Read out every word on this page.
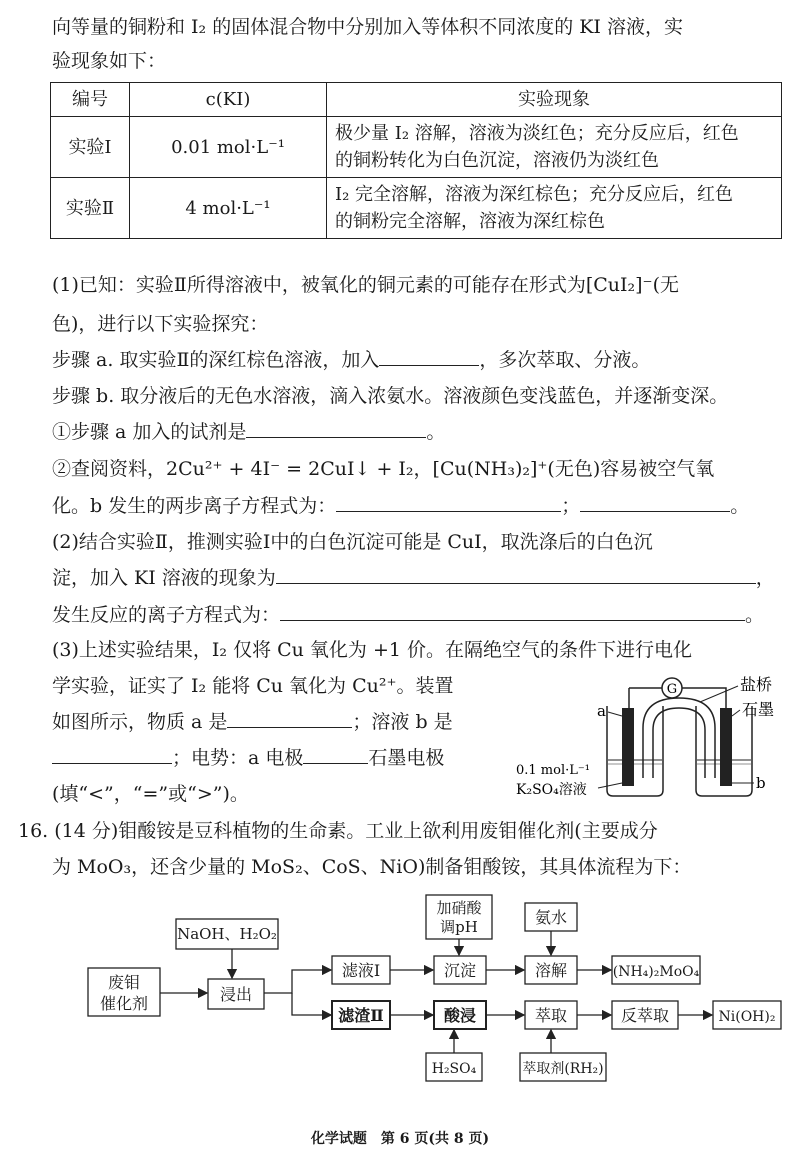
向等量的铜粉和 I₂ 的固体混合物中分别加入等体积不同浓度的 KI 溶液，实
验现象如下：
编号	c(KI)	实验现象
实验Ⅰ	0.01 mol·L⁻¹	极少量 I₂ 溶解，溶液为淡红色；充分反应后，红色
的铜粉转化为白色沉淀，溶液仍为淡红色

实验Ⅱ	4 mol·L⁻¹	I₂ 完全溶解，溶液为深红棕色；充分反应后，红色
的铜粉完全溶解，溶液为深红棕色
(1)已知：实验Ⅱ所得溶液中，被氧化的铜元素的可能存在形式为[CuI₂]⁻(无
色)，进行以下实验探究：
步骤 a. 取实验Ⅱ的深红棕色溶液，加入	，多次萃取、分液。
步骤 b. 取分液后的无色水溶液，滴入浓氨水。溶液颜色变浅蓝色，并逐渐变深。
①步骤 a 加入的试剂是	。
②查阅资料，2Cu²⁺ + 4I⁻ = 2CuI↓ + I₂，[Cu(NH₃)₂]⁺(无色)容易被空气氧
化。b 发生的两步离子方程式为：	；	。
(2)结合实验Ⅱ，推测实验Ⅰ中的白色沉淀可能是 CuI，取洗涤后的白色沉
淀，加入 KI 溶液的现象为	，
发生反应的离子方程式为：	。
(3)上述实验结果，I₂ 仅将 Cu 氧化为 +1 价。在隔绝空气的条件下进行电化
学实验，证实了 I₂ 能将 Cu 氧化为 Cu²⁺。装置
如图所示，物质 a 是	；溶液 b 是
；电势：a 电极	石墨电极
(填“<”，“=”或“>”)。
G
a
盐桥
石墨
0.1 mol·L⁻¹
K₂SO₄溶液	b
16. (14 分)钼酸铵是豆科植物的生命素。工业上欲利用废钼催化剂(主要成分
为 MoO₃，还含少量的 MoS₂、CoS、NiO)制备钼酸铵，其具体流程为下：
NaOH、H₂O₂
废钼
催化剂	浸出
滤液Ⅰ	沉淀	溶解	(NH₄)₂MoO₄
加硝酸
调pH	氨水
滤渣Ⅱ	酸浸	萃取	反萃取	Ni(OH)₂
H₂SO₄	萃取剂(RH₂)
化学试题　第 6 页(共 8 页)
